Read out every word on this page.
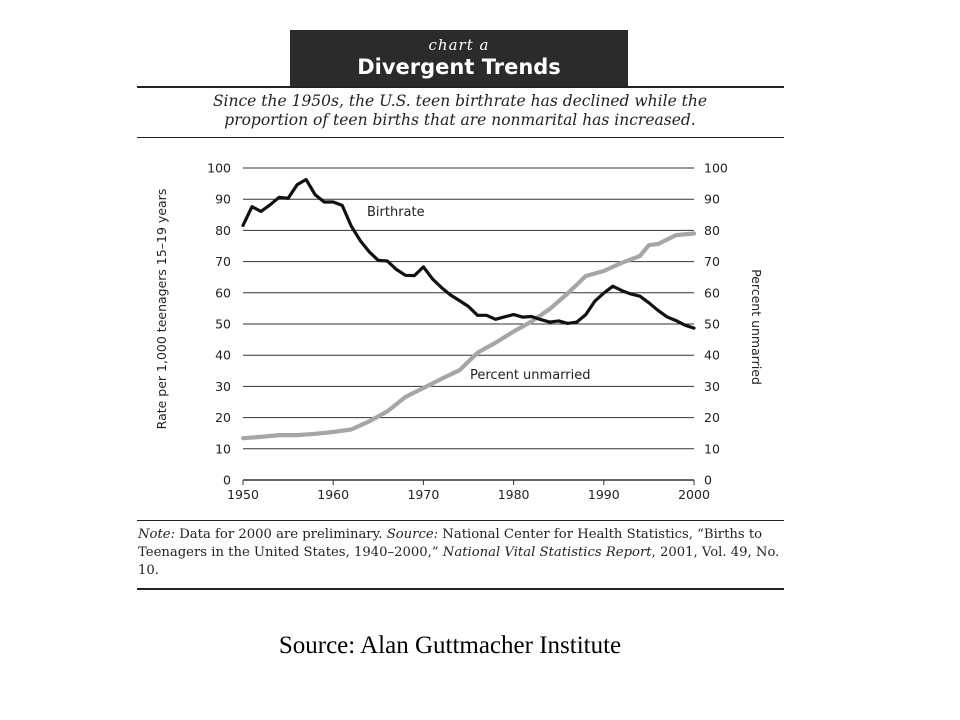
chart a
Divergent Trends
Since the 1950s, the U.S. teen birthrate has declined while the
proportion of teen births that are nonmarital has increased.
0	0
10	10
20	20
30	30
40	40
50	50
60	60
70	70
80	80
90	90
100	100
1950	1960	1970	1980	1990	2000
Rate per 1,000 teenagers 15–19 years	Percent unmarried
Birthrate
Percent unmarried
Note: Data for 2000 are preliminary. Source: National Center for Health Statistics, “Births to Teenagers in the United States, 1940–2000,” National Vital Statistics Report, 2001, Vol. 49, No. 10.
Source: Alan Guttmacher Institute
